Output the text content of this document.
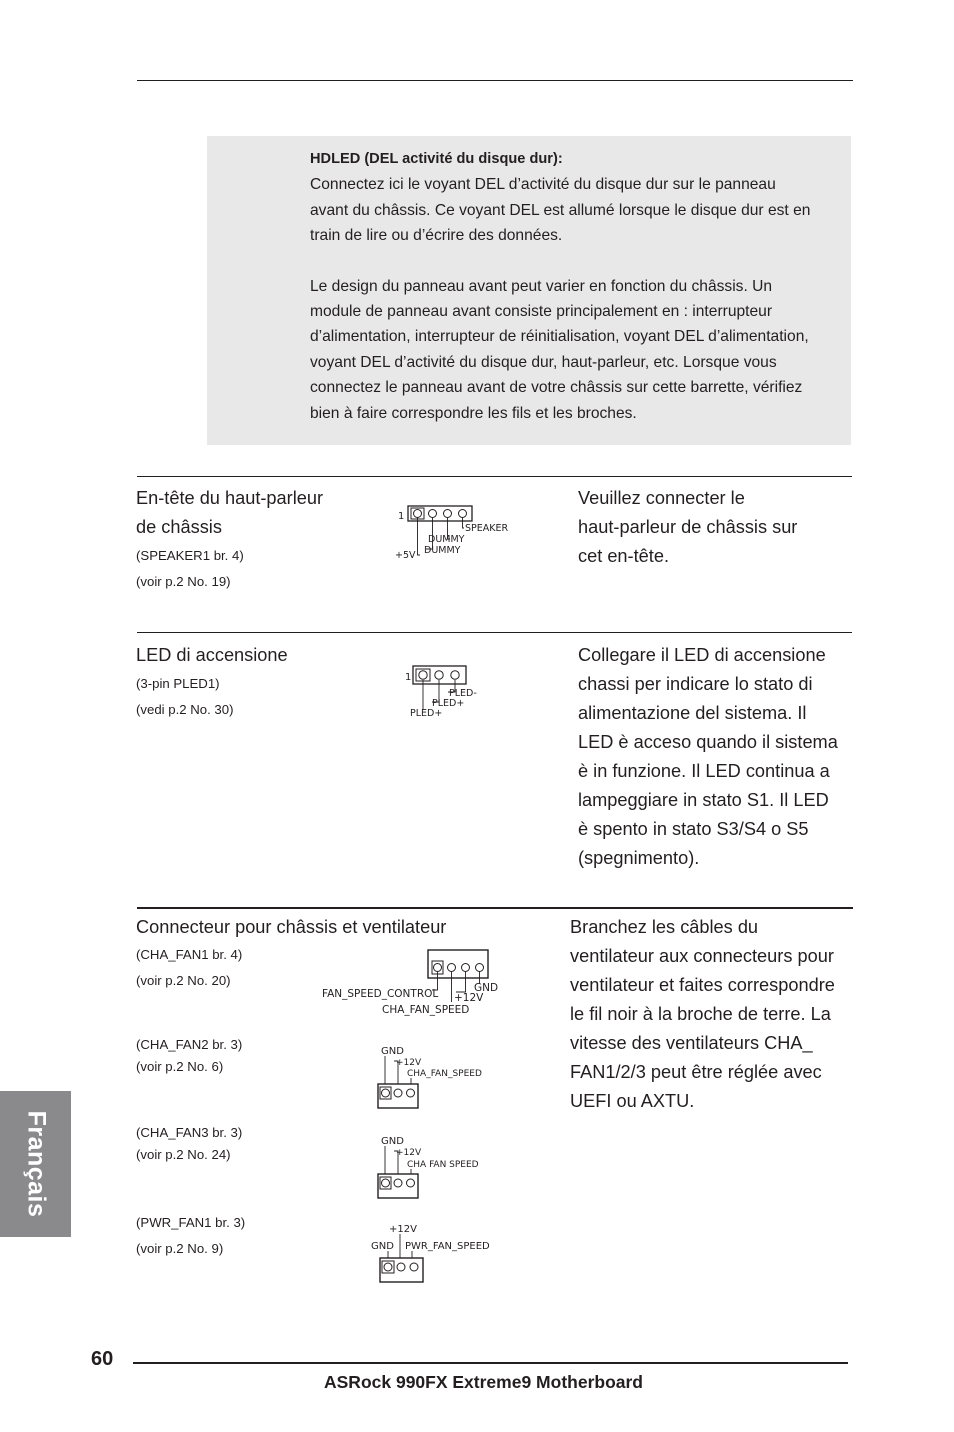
HDLED (DEL activité du disque dur):

Connectez ici le voyant DEL d’activité du disque dur sur le panneau
avant du châssis. Ce voyant DEL est allumé lorsque le disque dur est en
train de lire ou d’écrire des données.

Le design du panneau avant peut varier en fonction du châssis. Un
module de panneau avant consiste principalement en : interrupteur
d’alimentation, interrupteur de réinitialisation, voyant DEL d’alimentation,
voyant DEL d’activité du disque dur, haut-parleur, etc. Lorsque vous
connectez le panneau avant de votre châssis sur cette barrette, vérifiez
bien à faire correspondre les fils et les broches.

En-tête du haut-parleur
de châssis
(SPEAKER1 br. 4)
(voir p.2 No. 19)
Veuillez connecter le
haut-parleur de châssis sur
cet en-tête.
1
SPEAKER
DUMMY
+5V DUMMY
LED di accensione
(3-pin PLED1)
(vedi p.2 No. 30)
Collegare il LED di accensione
chassi per indicare lo stato di
alimentazione del sistema. Il
LED è acceso quando il sistema
è in funzione. Il LED continua a
lampeggiare in stato S1. Il LED
è spento in stato S3/S4 o S5
(spegnimento).
1
PLED-
PLED+
PLED+
Connecteur pour châssis et ventilateur	Branchez les câbles du
ventilateur aux connecteurs pour
ventilateur et faites correspondre
le fil noir à la broche de terre. La
vitesse des ventilateurs CHA_
FAN1/2/3 peut être réglée avec
UEFI ou AXTU.
(CHA_FAN1 br. 4)
(voir p.2 No. 20)
(CHA_FAN2 br. 3)
(voir p.2 No. 6)
(CHA_FAN3 br. 3)
(voir p.2 No. 24)
(PWR_FAN1 br. 3)
(voir p.2 No. 9)
FAN_SPEED_CONTROL	GND
+12V
CHA_FAN_SPEED
GND
+12V
CHA_FAN_SPEED
GND
+12V
CHA FAN SPEED
+12V
GND PWR_FAN_SPEED
Français
60
ASRock 990FX Extreme9 Motherboard
